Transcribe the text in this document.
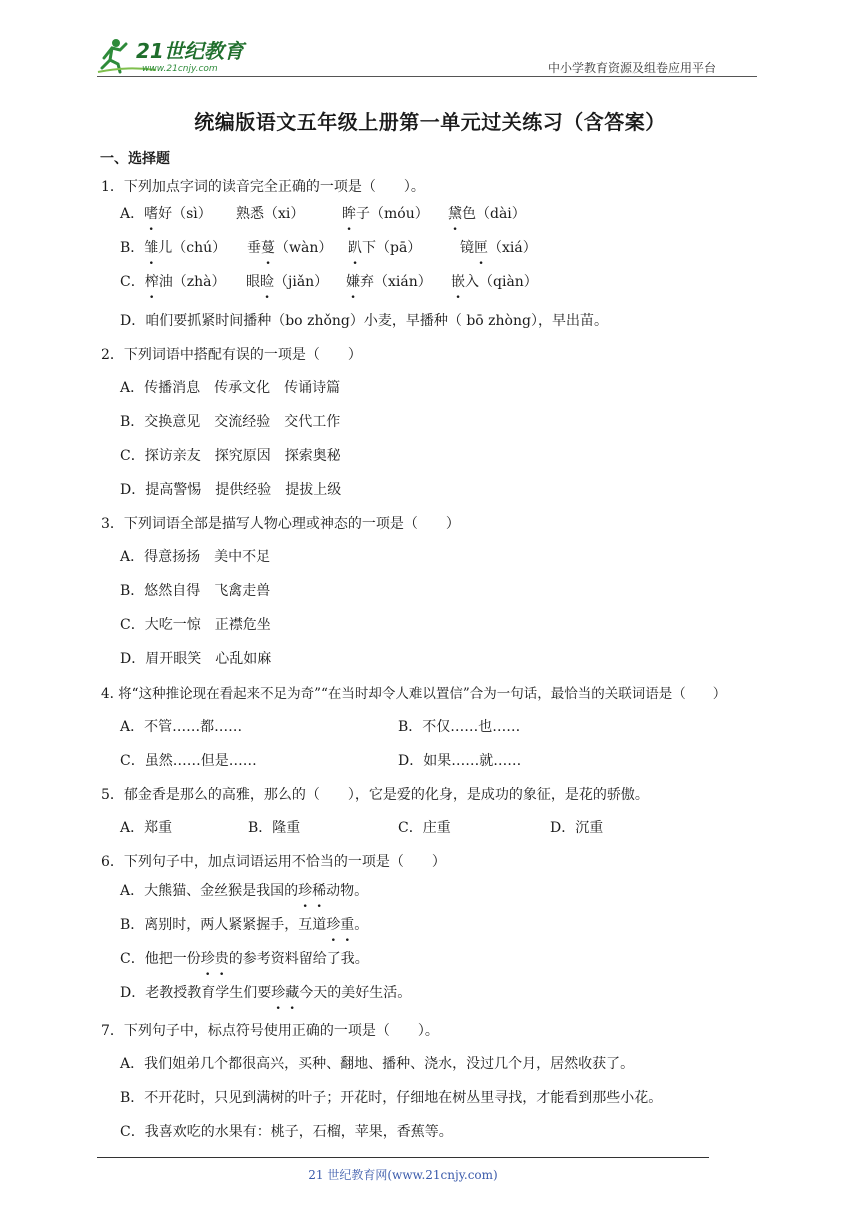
21世纪教育
www.21cnjy.com	中小学教育资源及组卷应用平台
统编版语文五年级上册第一单元过关练习（含答案）
一、选择题
1．下列加点字词的读音完全正确的一项是（　　）。
A．嗜好（sì） 熟悉（xi）	眸子（móu） 黛色（dài）
B．雏儿（chú） 垂蔓（wàn） 趴下（pā）	镜匣（xiá）
C．榨油（zhà） 眼睑（jiǎn） 嫌弃（xián） 嵌入（qiàn）
D．咱们要抓紧时间播种（bo zhǒng）小麦，早播种（ bō zhòng），早出苗。
2．下列词语中搭配有误的一项是（　　）
A．传播消息　传承文化　传诵诗篇
B．交换意见　交流经验　交代工作
C．探访亲友　探究原因　探索奥秘
D．提高警惕　提供经验　提拔上级
3．下列词语全部是描写人物心理或神态的一项是（　　）
A．得意扬扬　美中不足
B．悠然自得　飞禽走兽
C．大吃一惊　正襟危坐
D．眉开眼笑　心乱如麻
4. 将“这种推论现在看起来不足为奇”“在当时却令人难以置信”合为一句话，最恰当的关联词语是（　　）
A．不管……都……	B．不仅……也……
C．虽然……但是……	D．如果……就……
5．郁金香是那么的高雅，那么的（　　），它是爱的化身，是成功的象征，是花的骄傲。
A．郑重	B．隆重	C．庄重	D．沉重
6．下列句子中，加点词语运用不恰当的一项是（　　）
A．大熊猫、金丝猴是我国的珍稀动物。
B．离别时，两人紧紧握手，互道珍重。
C．他把一份珍贵的参考资料留给了我。
D．老教授教育学生们要珍藏今天的美好生活。
7．下列句子中，标点符号使用正确的一项是（　　）。
A．我们姐弟几个都很高兴，买种、翻地、播种、浇水，没过几个月，居然收获了。
B．不开花时，只见到满树的叶子；开花时，仔细地在树丛里寻找，才能看到那些小花。
C．我喜欢吃的水果有：桃子，石榴，苹果，香蕉等。
21 世纪教育网(www.21cnjy.com)
